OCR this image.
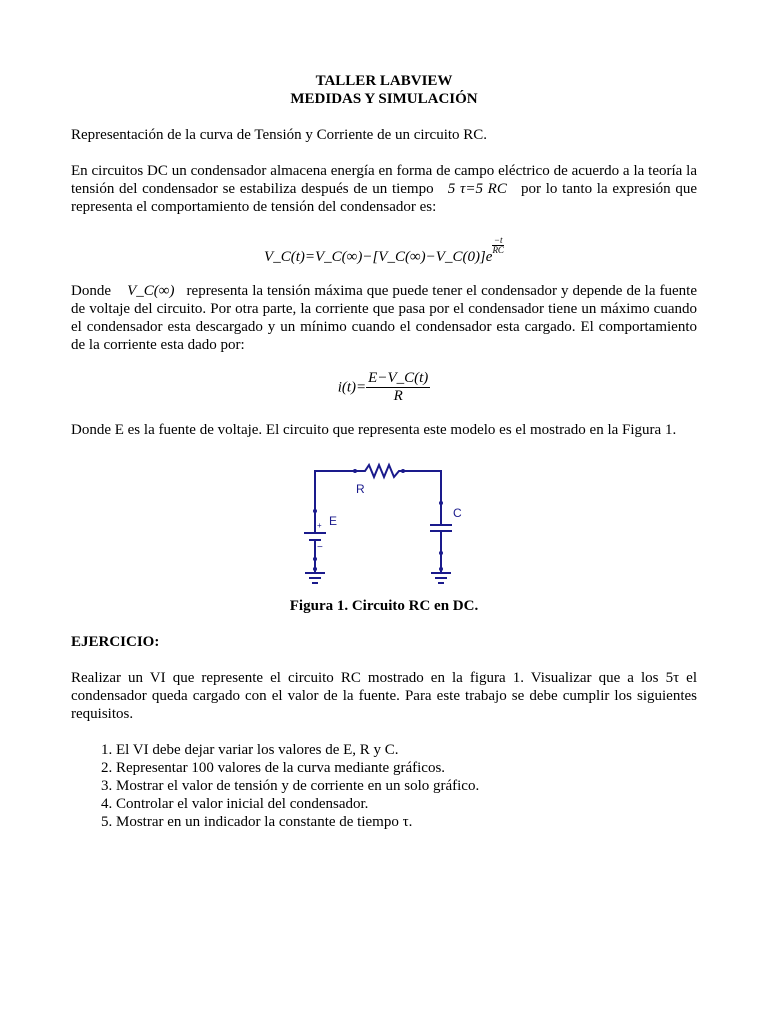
TALLER LABVIEW

MEDIDAS Y SIMULACIÓN

Representación de la curva de Tensión y Corriente de un circuito RC.

En circuitos DC un condensador almacena energía en forma de campo eléctrico de acuerdo a la teoría la tensión del condensador se estabiliza después de un tiempo 5 τ=5 RC por lo tanto la expresión que representa el comportamiento de tensión del condensador es:

V_C(t)=V_C(∞)−[V_C(∞)−V_C(0)]e
$\frac{-t}{RC}$

Donde V_C(∞) representa la tensión máxima que puede tener el condensador y depende de la fuente de voltaje del circuito. Por otra parte, la corriente que pasa por el condensador tiene un máximo cuando el condensador esta descargado y un mínimo cuando el condensador esta cargado. El comportamiento de la corriente esta dado por:

$i(t)= \frac{E-V\_C(t)}{R}$

Donde E es la fuente de voltaje. El circuito que representa este modelo es el mostrado en la Figura 1.

R
C
E
+
−

Figura 1. Circuito RC en DC.

EJERCICIO:

Realizar un VI que represente el circuito RC mostrado en la figura 1. Visualizar que a los 5τ el condensador queda cargado con el valor de la fuente. Para este trabajo se debe cumplir los siguientes requisitos.

1. El VI debe dejar variar los valores de E, R y C.
2. Representar 100 valores de la curva mediante gráficos.
3. Mostrar el valor de tensión y de corriente en un solo gráfico.
4. Controlar el valor inicial del condensador.
5. Mostrar en un indicador la constante de tiempo τ.
